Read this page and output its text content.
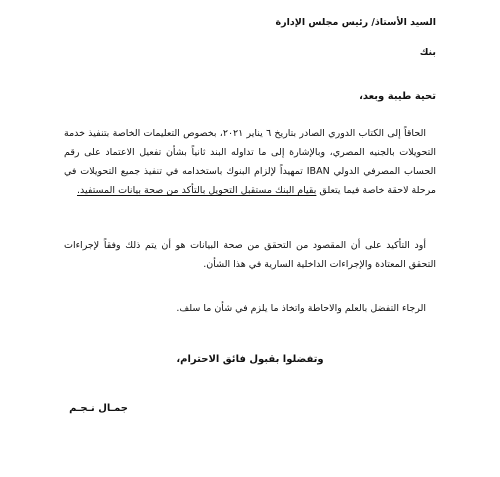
السيد الأستاذ/ رئيس مجلس الإدارة
بنك
تحية طيبة وبعد،
الحاقاً إلى الكتاب الدوري الصادر بتاريخ ٦ يناير ٢٠٢١، بخصوص التعليمات الخاصة بتنفيذ خدمة التحويلات بالجنيه المصري، وبالإشارة إلى ما تداوله البند ثانياً بشأن تفعيل الاعتماد على رقم الحساب المصرفي الدولي IBAN تمهيداً لإلزام البنوك باستخدامه في تنفيذ جميع التحويلات في مرحلة لاحقة خاصة فيما يتعلق بقيام البنك مستقبل التحويل بالتأكد من صحة بيانات المستفيد.
أود التأكيد على أن المقصود من التحقق من صحة البيانات هو أن يتم ذلك وفقاً لإجراءات التحقق المعتادة والإجراءات الداخلية السارية في هذا الشأن.
الرجاء التفضل بالعلم والاحاطة واتخاذ ما يلزم في شأن ما سلف.
وتفضلوا بقبول فائق الاحترام،
جمـال نـجـم
